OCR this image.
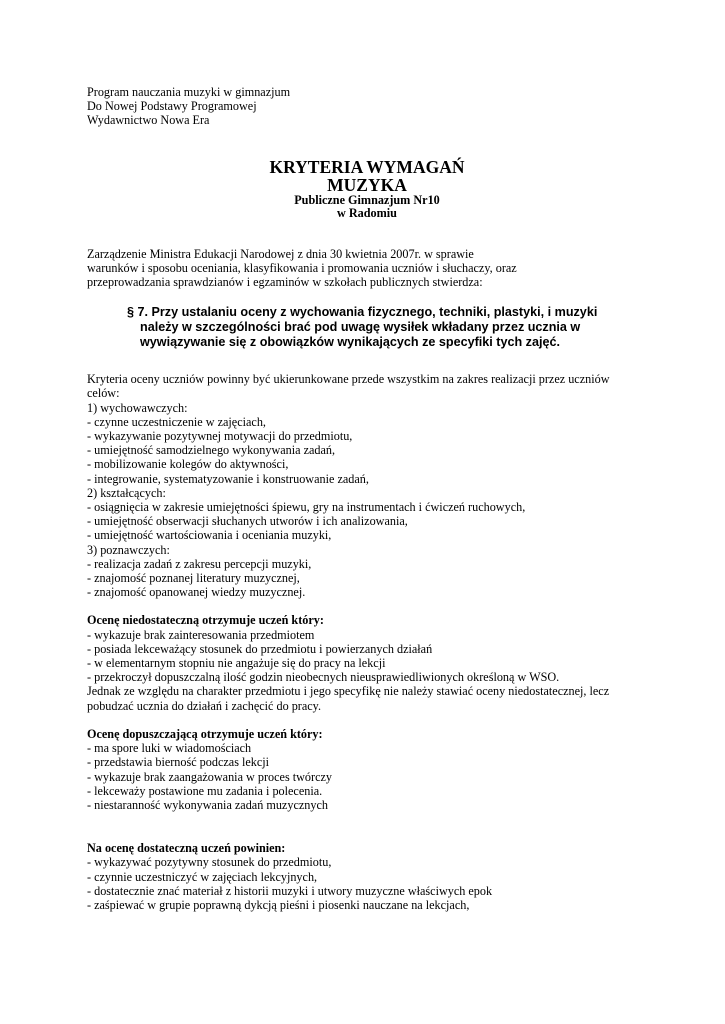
Program nauczania muzyki w gimnazjum
Do Nowej Podstawy Programowej
Wydawnictwo Nowa Era
KRYTERIA WYMAGAŃ
MUZYKA
Publiczne Gimnazjum Nr10
w Radomiu
Zarządzenie Ministra Edukacji Narodowej z dnia 30 kwietnia 2007r. w sprawie
warunków i sposobu oceniania, klasyfikowania i promowania uczniów i słuchaczy, oraz
przeprowadzania sprawdzianów i egzaminów w szkołach publicznych stwierdza:
§ 7. Przy ustalaniu oceny z wychowania fizycznego, techniki, plastyki, i muzyki
należy w szczególności brać pod uwagę wysiłek wkładany przez ucznia w
wywiązywanie się z obowiązków wynikających ze specyfiki tych zajęć.
Kryteria oceny uczniów powinny być ukierunkowane przede wszystkim na zakres realizacji przez uczniów
celów:
1) wychowawczych:
- czynne uczestniczenie w zajęciach,
- wykazywanie pozytywnej motywacji do przedmiotu,
- umiejętność samodzielnego wykonywania zadań,
- mobilizowanie kolegów do aktywności,
- integrowanie, systematyzowanie i konstruowanie zadań,
2) kształcących:
- osiągnięcia w zakresie umiejętności śpiewu, gry na instrumentach i ćwiczeń ruchowych,
- umiejętność obserwacji słuchanych utworów i ich analizowania,
- umiejętność wartościowania i oceniania muzyki,
3) poznawczych:
- realizacja zadań z zakresu percepcji muzyki,
- znajomość poznanej literatury muzycznej,
- znajomość opanowanej wiedzy muzycznej.
Ocenę niedostateczną otrzymuje uczeń który:
- wykazuje brak zainteresowania przedmiotem
- posiada lekceważący stosunek do przedmiotu i powierzanych działań
- w elementarnym stopniu nie angażuje się do pracy na lekcji
- przekroczył dopuszczalną ilość godzin nieobecnych nieusprawiedliwionych określoną w WSO.
Jednak ze względu na charakter przedmiotu i jego specyfikę nie należy stawiać oceny niedostatecznej, lecz
pobudzać ucznia do działań i zachęcić do pracy.
Ocenę dopuszczającą otrzymuje uczeń który:
- ma spore luki w wiadomościach
- przedstawia bierność podczas lekcji
- wykazuje brak zaangażowania w proces twórczy
- lekceważy postawione mu zadania i polecenia.
- niestaranność wykonywania zadań muzycznych
Na ocenę dostateczną uczeń powinien:
- wykazywać pozytywny stosunek do przedmiotu,
- czynnie uczestniczyć w zajęciach lekcyjnych,
- dostatecznie znać materiał z historii muzyki i utwory muzyczne właściwych epok
- zaśpiewać w grupie poprawną dykcją pieśni i piosenki nauczane na lekcjach,
